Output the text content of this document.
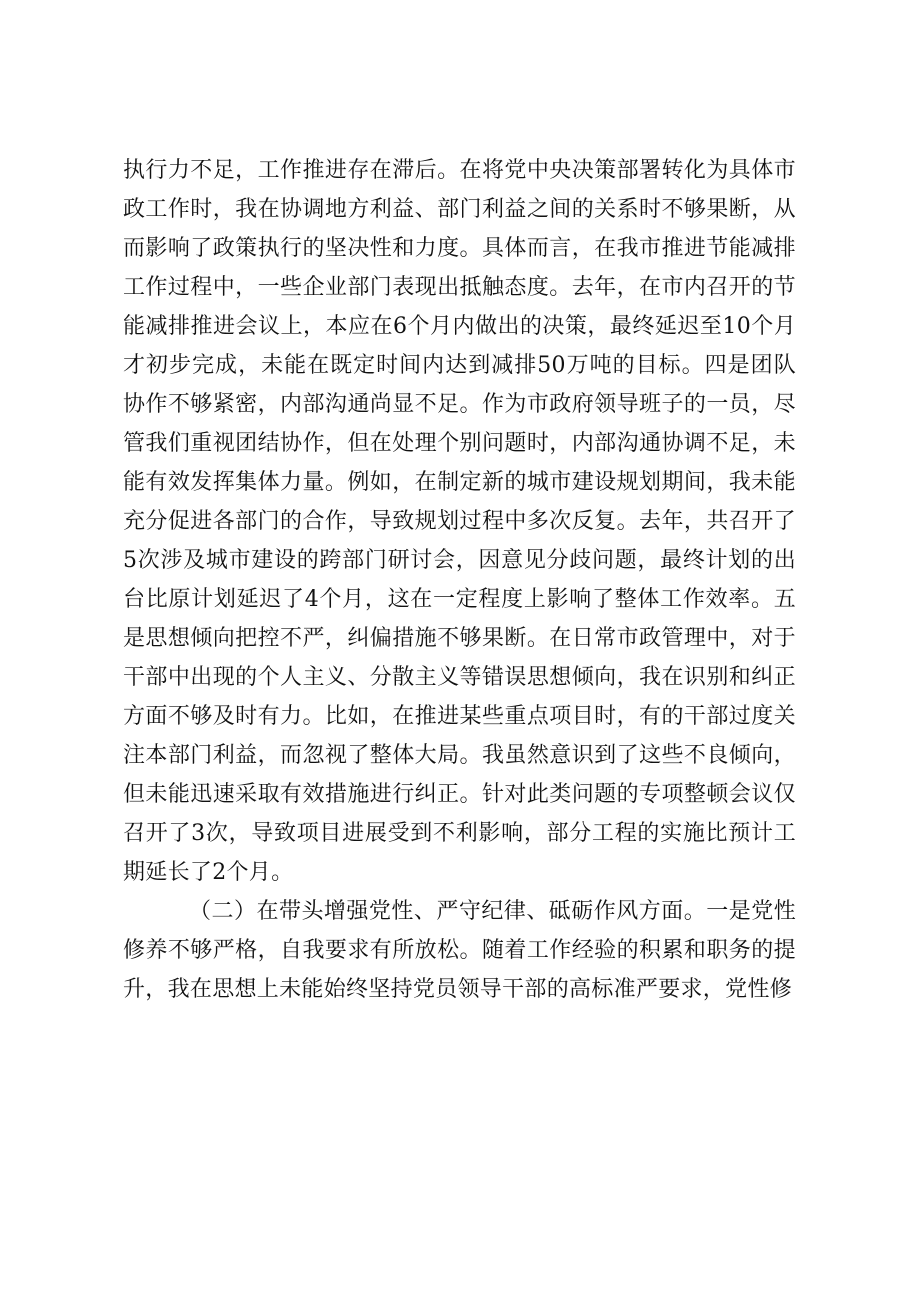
执行力不足，工作推进存在滞后。在将党中央决策部署转化为具体市政工作时，我在协调地方利益、部门利益之间的关系时不够果断，从而影响了政策执行的坚决性和力度。具体而言，在我市推进节能减排工作过程中，一些企业部门表现出抵触态度。去年，在市内召开的节能减排推进会议上，本应在6个月内做出的决策，最终延迟至10个月才初步完成，未能在既定时间内达到减排50万吨的目标。四是团队协作不够紧密，内部沟通尚显不足。作为市政府领导班子的一员，尽管我们重视团结协作，但在处理个别问题时，内部沟通协调不足，未能有效发挥集体力量。例如，在制定新的城市建设规划期间，我未能充分促进各部门的合作，导致规划过程中多次反复。去年，共召开了5次涉及城市建设的跨部门研讨会，因意见分歧问题，最终计划的出台比原计划延迟了4个月，这在一定程度上影响了整体工作效率。五是思想倾向把控不严，纠偏措施不够果断。在日常市政管理中，对于干部中出现的个人主义、分散主义等错误思想倾向，我在识别和纠正方面不够及时有力。比如，在推进某些重点项目时，有的干部过度关注本部门利益，而忽视了整体大局。我虽然意识到了这些不良倾向，但未能迅速采取有效措施进行纠正。针对此类问题的专项整顿会议仅召开了3次，导致项目进展受到不利影响，部分工程的实施比预计工期延长了2个月。

（二）在带头增强党性、严守纪律、砥砺作风方面。一是党性修养不够严格，自我要求有所放松。随着工作经验的积累和职务的提升，我在思想上未能始终坚持党员领导干部的高标准严要求，党性修
